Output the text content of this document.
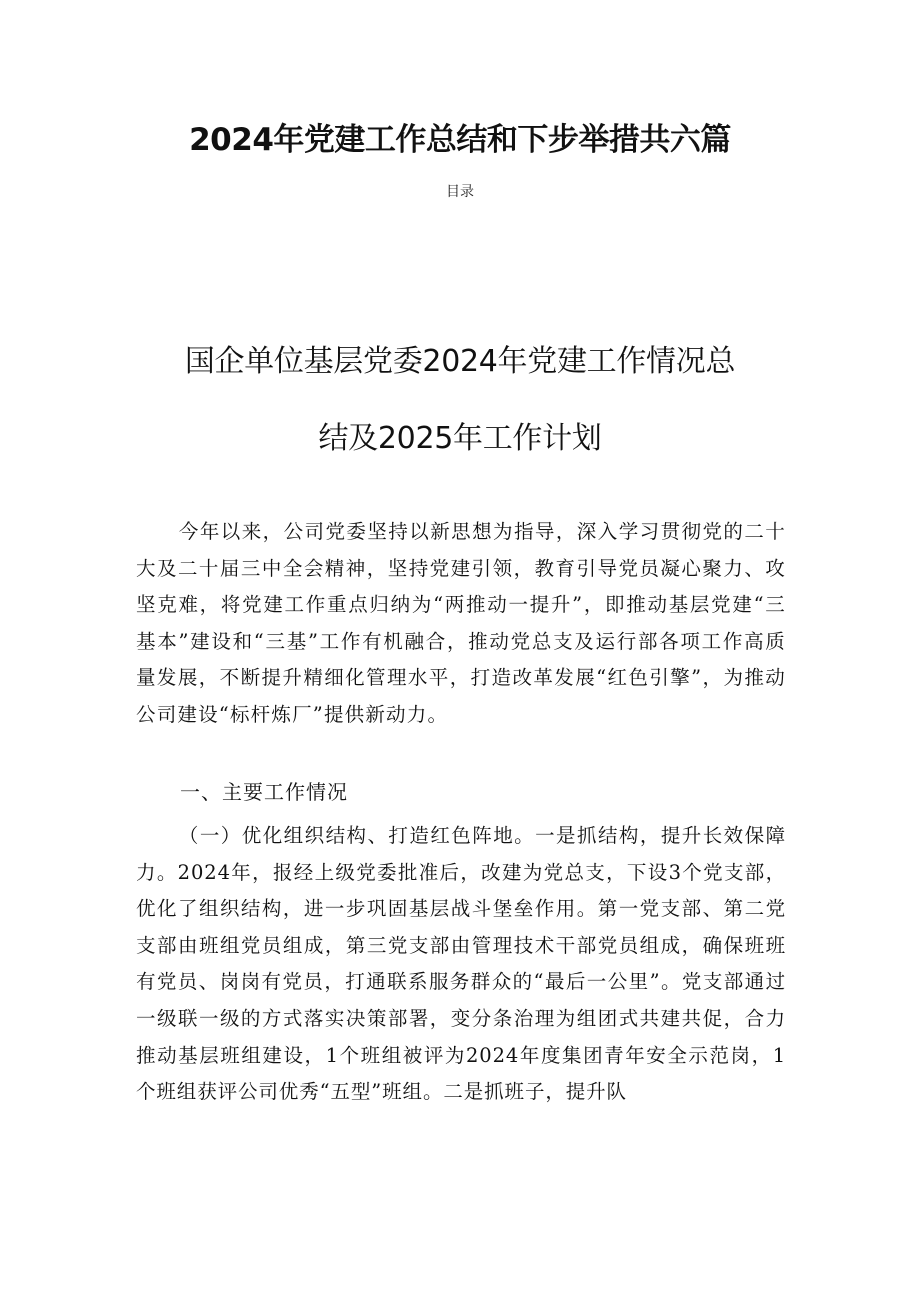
2024年党建工作总结和下步举措共六篇
目录
国企单位基层党委2024年党建工作情况总
结及2025年工作计划

今年以来，公司党委坚持以新思想为指导，深入学习贯彻党的二十大及二十届三中全会精神，坚持党建引领，教育引导党员凝心聚力、攻坚克难，将党建工作重点归纳为“两推动一提升”，即推动基层党建“三基本”建设和“三基”工作有机融合，推动党总支及运行部各项工作高质量发展，不断提升精细化管理水平，打造改革发展“红色引擎”，为推动公司建设“标杆炼厂”提供新动力。

一、主要工作情况

（一）优化组织结构、打造红色阵地。一是抓结构，提升长效保障力。2024年，报经上级党委批准后，改建为党总支，下设3个党支部，优化了组织结构，进一步巩固基层战斗堡垒作用。第一党支部、第二党支部由班组党员组成，第三党支部由管理技术干部党员组成，确保班班有党员、岗岗有党员，打通联系服务群众的“最后一公里”。党支部通过一级联一级的方式落实决策部署，变分条治理为组团式共建共促，合力推动基层班组建设，1个班组被评为2024年度集团青年安全示范岗，1个班组获评公司优秀“五型”班组。二是抓班子，提升队
